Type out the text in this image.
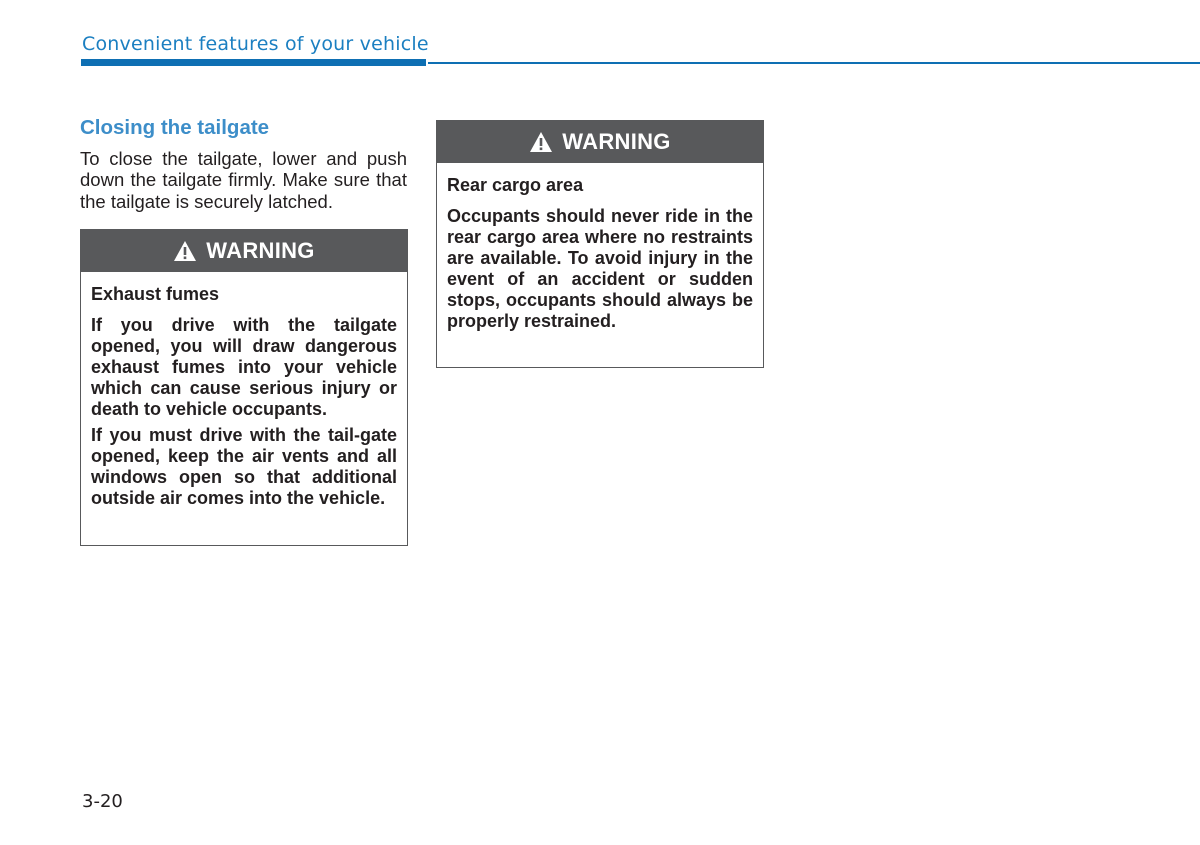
Convenient features of your vehicle
Closing the tailgate

To close the tailgate, lower and push down the tailgate firmly. Make sure that the tailgate is securely latched.

WARNING

Exhaust fumes

If you drive with the tailgate opened, you will draw dangerous exhaust fumes into your vehicle which can cause serious injury or death to vehicle occupants.

If you must drive with the tail-gate opened, keep the air vents and all windows open so that additional outside air comes into the vehicle.

WARNING

Rear cargo area

Occupants should never ride in the rear cargo area where no restraints are available. To avoid injury in the event of an accident or sudden stops, occupants should always be properly restrained.

3-20
